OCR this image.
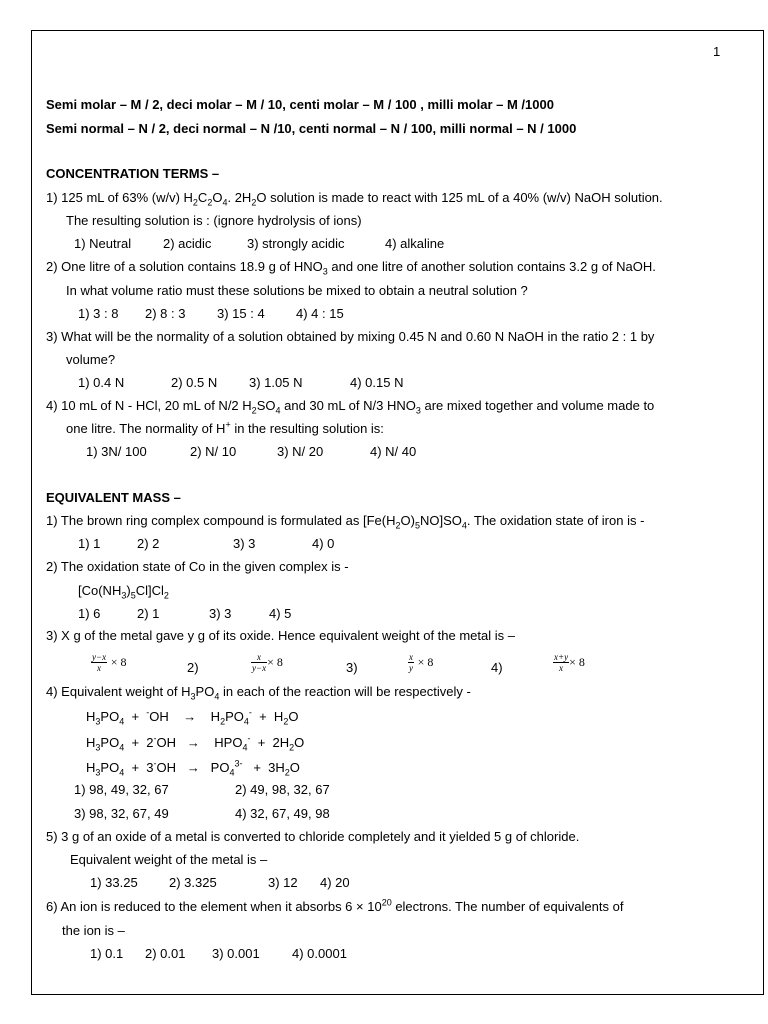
1
Semi molar – M / 2, deci molar – M / 10, centi molar – M / 100 , milli molar – M /1000
Semi normal – N / 2, deci normal – N /10, centi normal – N / 100, milli normal – N / 1000
CONCENTRATION TERMS –
1) 125 mL of 63% (w/v) $H_2C_2O_4$. $2H_2O$ solution is made to react with 125 mL of a 40% (w/v) NaOH solution.
The resulting solution is : (ignore hydrolysis of ions)
1) Neutral 2) acidic	3) strongly acidic	4) alkaline
2) One litre of a solution contains 18.9 g of $HNO_3$ and one litre of another solution contains 3.2 g of NaOH.
In what volume ratio must these solutions be mixed to obtain a neutral solution ?
1) 3 : 8 2) 8 : 3 3) 15 : 4 4) 4 : 15
3) What will be the normality of a solution obtained by mixing 0.45 N and 0.60 N NaOH in the ratio 2 : 1 by
volume?
1) 0.4 N	2) 0.5 N 3) 1.05 N	4) 0.15 N
4) 10 mL of N - HCl, 20 mL of N/2 $H_2SO_4$ and 30 mL of N/3 $HNO_3$ are mixed together and volume made to
one litre. The normality of H+ in the resulting solution is:
1) 3N/ 100	2) N/ 10	3) N/ 20	4) N/ 40
EQUIVALENT MASS –
1) The brown ring complex compound is formulated as $[Fe(H_2O)_5NO]SO_4$. The oxidation state of iron is -
1) 1	2) 2	3) 3	4) 0
2) The oxidation state of Co in the given complex is -
$[Co(NH_3)_5Cl]Cl_2$
1) 6	2) 1	3) 3	4) 5
3) X g of the metal gave y g of its oxide. Hence equivalent weight of the metal is –
$\frac{y-x}{x} \times 8$	2)	$\frac{x}{y-x} \times 8$	3)	$\frac{x}{y} \times 8$	4)	$\frac{x+y}{x} \times 8$
4) Equivalent weight of $H_3PO_4$ in each of the reaction will be respectively -
$H_3PO_4 + ^-OH$    →    $H_2PO_4^- + H_2O$
$H_3PO_4 + 2^-OH$   →    $HPO_4^- + 2H_2O$
$H_3PO_4 + 3^-OH \to PO_4^{3-} + 3H_2O$
1) 98, 49, 32, 67	2) 49, 98, 32, 67
3) 98, 32, 67, 49	4) 32, 67, 49, 98
5) 3 g of an oxide of a metal is converted to chloride completely and it yielded 5 g of chloride.
Equivalent weight of the metal is –
1) 33.25 2) 3.325	3) 12 4) 20
6) An ion is reduced to the element when it absorbs $6 \times 10^{20}$ electrons. The number of equivalents of
the ion is –
1) 0.1 2) 0.01 3) 0.001 4) 0.0001
